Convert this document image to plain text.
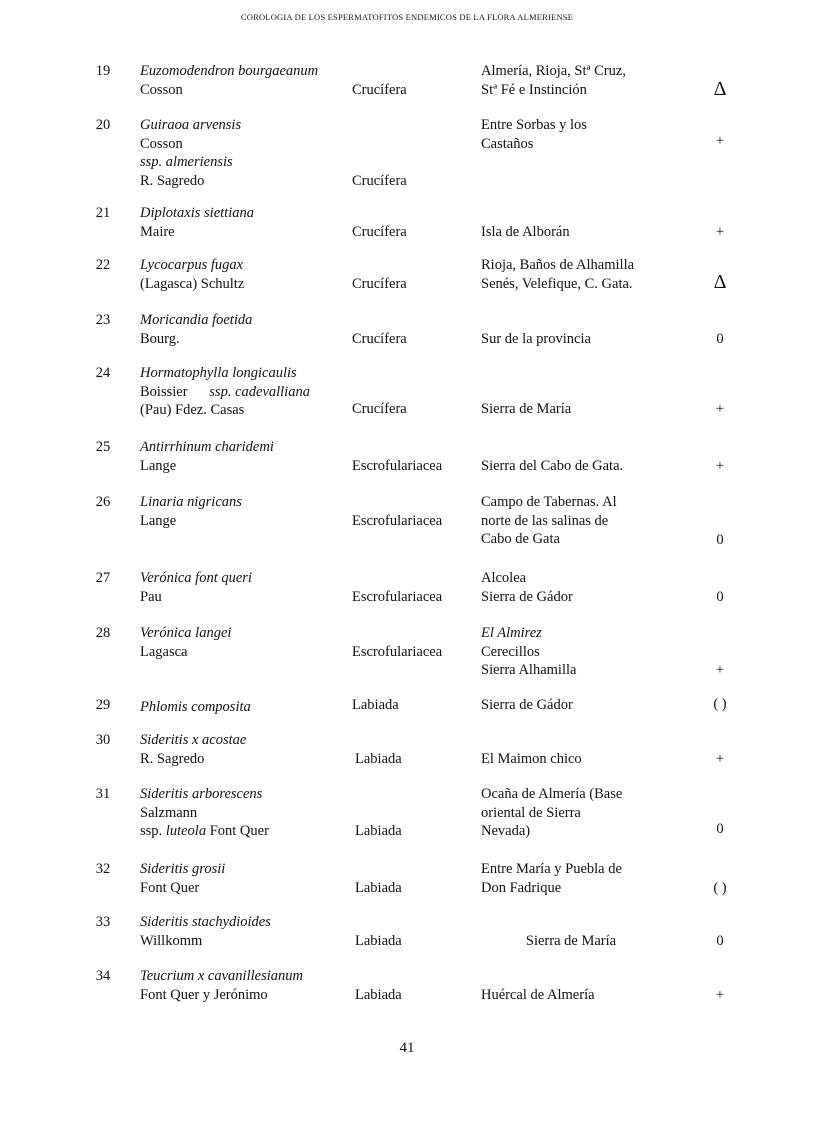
COROLOGIA DE LOS ESPERMATOFITOS ENDEMICOS DE LA FLORA ALMERIENSE
19	Euzomodendron bourgaeanum
Cosson	Crucífera
Almería, Rioja, Stª Cruz,
Stª Fé e Instinción	Δ
20	Guiraoa arvensis
Cosson
ssp. almeriensis
R. Sagredo	Crucífera
Entre Sorbas y los
Castaños	+
21	Diplotaxis siettiana
Maire	Crucífera	Isla de Alborán	+
22	Lycocarpus fugax
(Lagasca) Schultz	Crucífera
Rioja, Baños de Alhamilla
Senés, Velefique, C. Gata.	Δ
23	Moricandia foetida
Bourg.	Crucífera	Sur de la provincia	0
24	Hormatophylla longicaulis
Boissier ssp. cadevalliana
(Pau) Fdez. Casas	Crucífera	Sierra de María	+
25	Antirrhinum charidemi
Lange	Escrofulariacea	Sierra del Cabo de Gata.	+
26	Linaria nigricans
Lange	Escrofulariacea
Campo de Tabernas. Al
norte de las salinas de
Cabo de Gata	0
27	Verónica font queri
Pau	Escrofulariacea
Alcolea
Sierra de Gádor	0
28	Verónica langei
Lagasca	Escrofulariacea
El Almirez
Cerecillos
Sierra Alhamilla	+
29	Phlomis composita	Labiada	Sierra de Gádor	( )
30	Sideritis x acostae
R. Sagredo	Labiada	El Maimon chico	+
31	Sideritis arborescens
Salzmann
ssp. luteola Font Quer	Labiada
Ocaña de Almería (Base
oriental de Sierra
Nevada)	0
32	Sideritis grosii
Font Quer	Labiada
Entre María y Puebla de
Don Fadrique	( )
33	Sideritis stachydioides
Willkomm	Labiada	Sierra de María	0
34	Teucrium x cavanillesianum
Font Quer y Jerónimo	Labiada	Huércal de Almería	+
41
